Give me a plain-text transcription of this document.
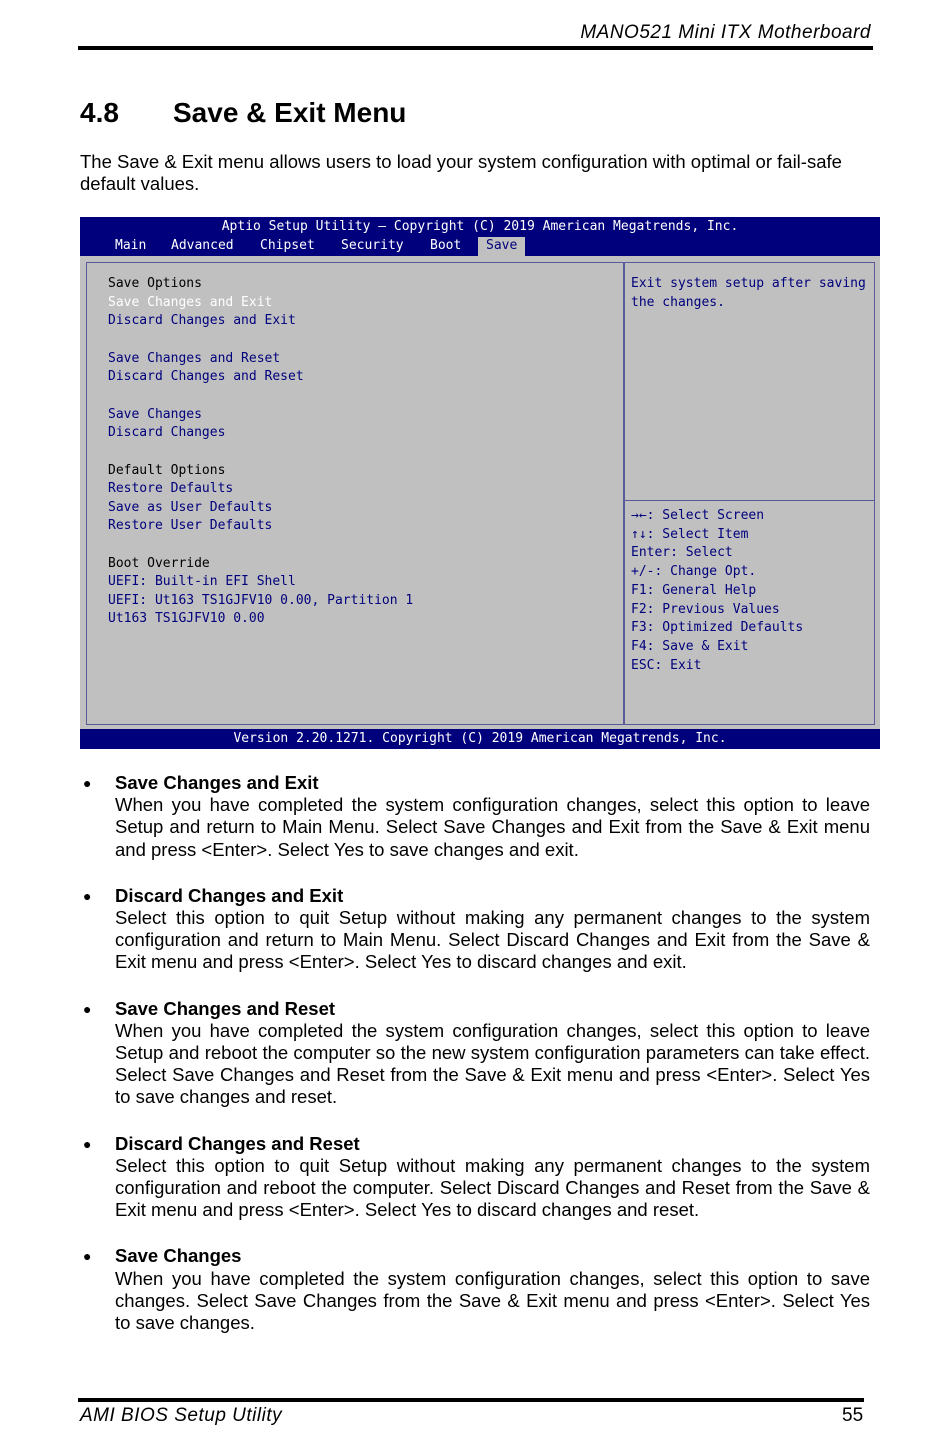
MANO521 Mini ITX Motherboard
4.8 Save & Exit Menu
The Save & Exit menu allows users to load your system configuration with optimal or fail-safe default values.
Aptio Setup Utility – Copyright (C) 2019 American Megatrends, Inc.
Main	Advanced	Chipset	Security	Boot	Save
Save Options
Save Changes and Exit
Discard Changes and Exit
Save Changes and Reset
Discard Changes and Reset
Save Changes
Discard Changes
Default Options
Restore Defaults
Save as User Defaults
Restore User Defaults
Boot Override
UEFI: Built-in EFI Shell
UEFI: Ut163 TS1GJFV10 0.00, Partition 1
Ut163 TS1GJFV10 0.00
Exit system setup after saving
the changes.
→←: Select Screen
↑↓: Select Item
Enter: Select
+/-: Change Opt.
F1: General Help
F2: Previous Values
F3: Optimized Defaults
F4: Save & Exit
ESC: Exit
Version 2.20.1271. Copyright (C) 2019 American Megatrends, Inc.
● Save Changes and Exit
When you have completed the system configuration changes, select this option to leave Setup and return to Main Menu. Select Save Changes and Exit from the Save & Exit menu and press <Enter>. Select Yes to save changes and exit.
● Discard Changes and Exit
Select this option to quit Setup without making any permanent changes to the system configuration and return to Main Menu. Select Discard Changes and Exit from the Save & Exit menu and press <Enter>. Select Yes to discard changes and exit.
● Save Changes and Reset
When you have completed the system configuration changes, select this option to leave Setup and reboot the computer so the new system configuration parameters can take effect. Select Save Changes and Reset from the Save & Exit menu and press <Enter>. Select Yes to save changes and reset.
● Discard Changes and Reset
Select this option to quit Setup without making any permanent changes to the system configuration and reboot the computer. Select Discard Changes and Reset from the Save & Exit menu and press <Enter>. Select Yes to discard changes and reset.
● Save Changes
When you have completed the system configuration changes, select this option to save changes. Select Save Changes from the Save & Exit menu and press <Enter>. Select Yes to save changes.
AMI BIOS Setup Utility	55
